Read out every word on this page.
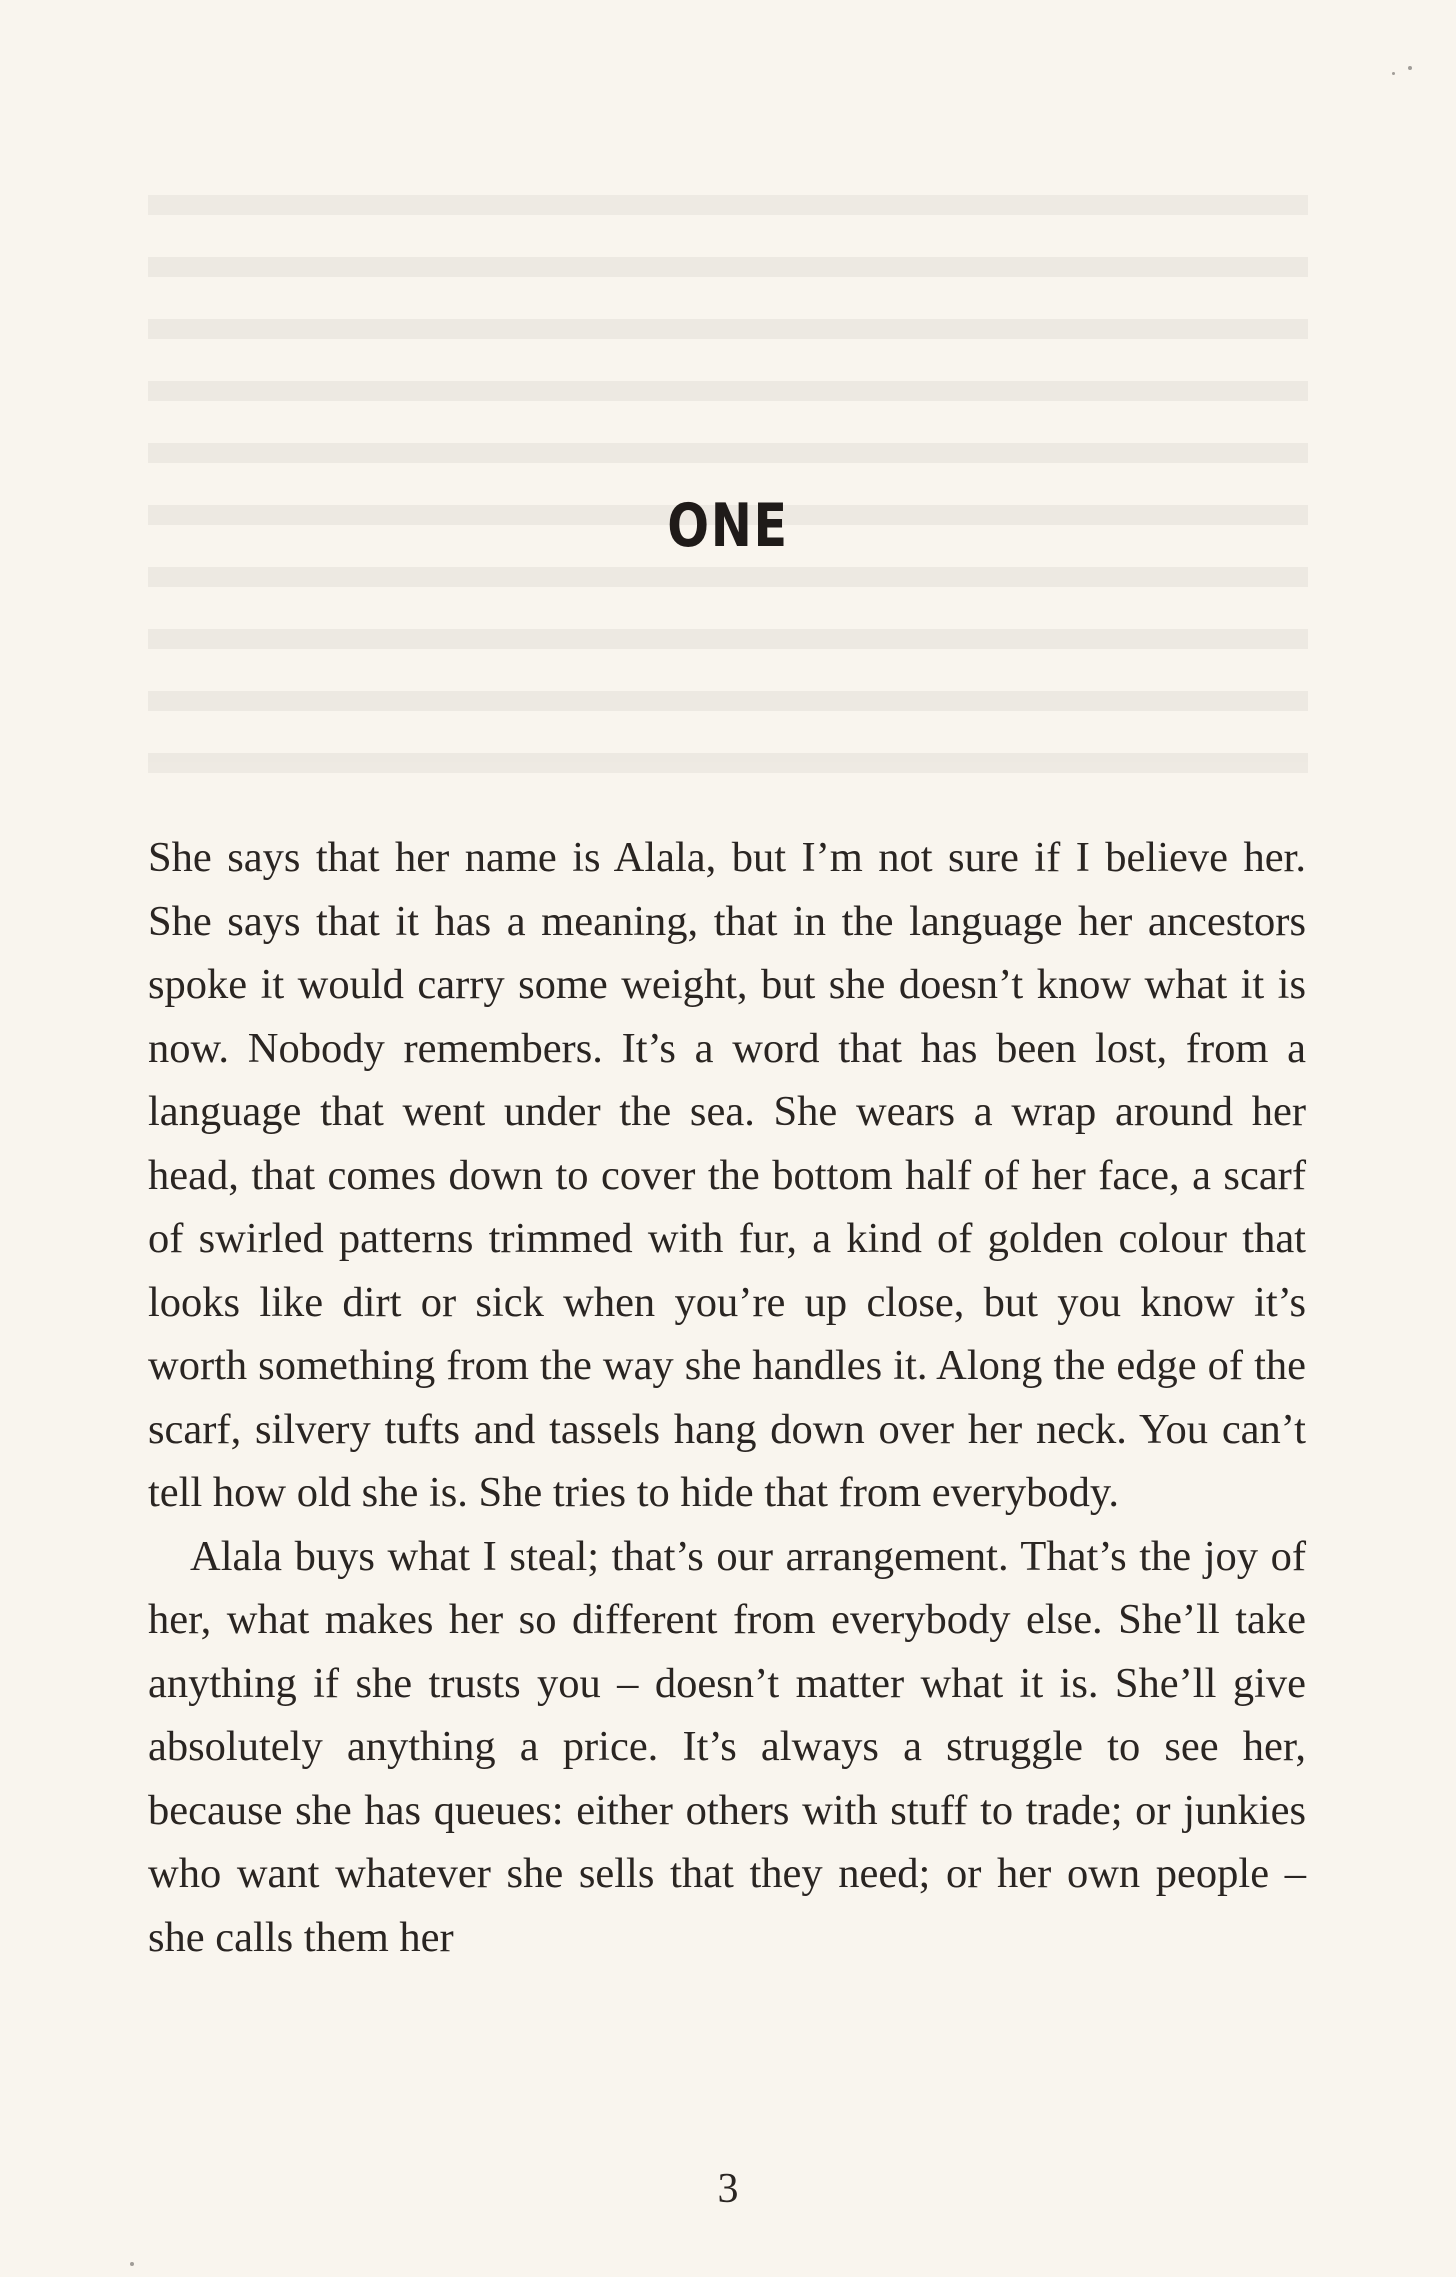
ONE

She says that her name is Alala, but I’m not sure if I believe her. She says that it has a meaning, that in the language her ancestors spoke it would carry some weight, but she doesn’t know what it is now. Nobody remembers. It’s a word that has been lost, from a language that went under the sea. She wears a wrap around her head, that comes down to cover the bottom half of her face, a scarf of swirled patterns trimmed with fur, a kind of golden colour that looks like dirt or sick when you’re up close, but you know it’s worth something from the way she handles it. Along the edge of the scarf, silvery tufts and tassels hang down over her neck. You can’t tell how old she is. She tries to hide that from everybody.

Alala buys what I steal; that’s our arrangement. That’s the joy of her, what makes her so different from everybody else. She’ll take anything if she trusts you – doesn’t matter what it is. She’ll give absolutely anything a price. It’s always a struggle to see her, because she has queues: either others with stuff to trade; or junkies who want whatever she sells that they need; or her own people – she calls them her

3
